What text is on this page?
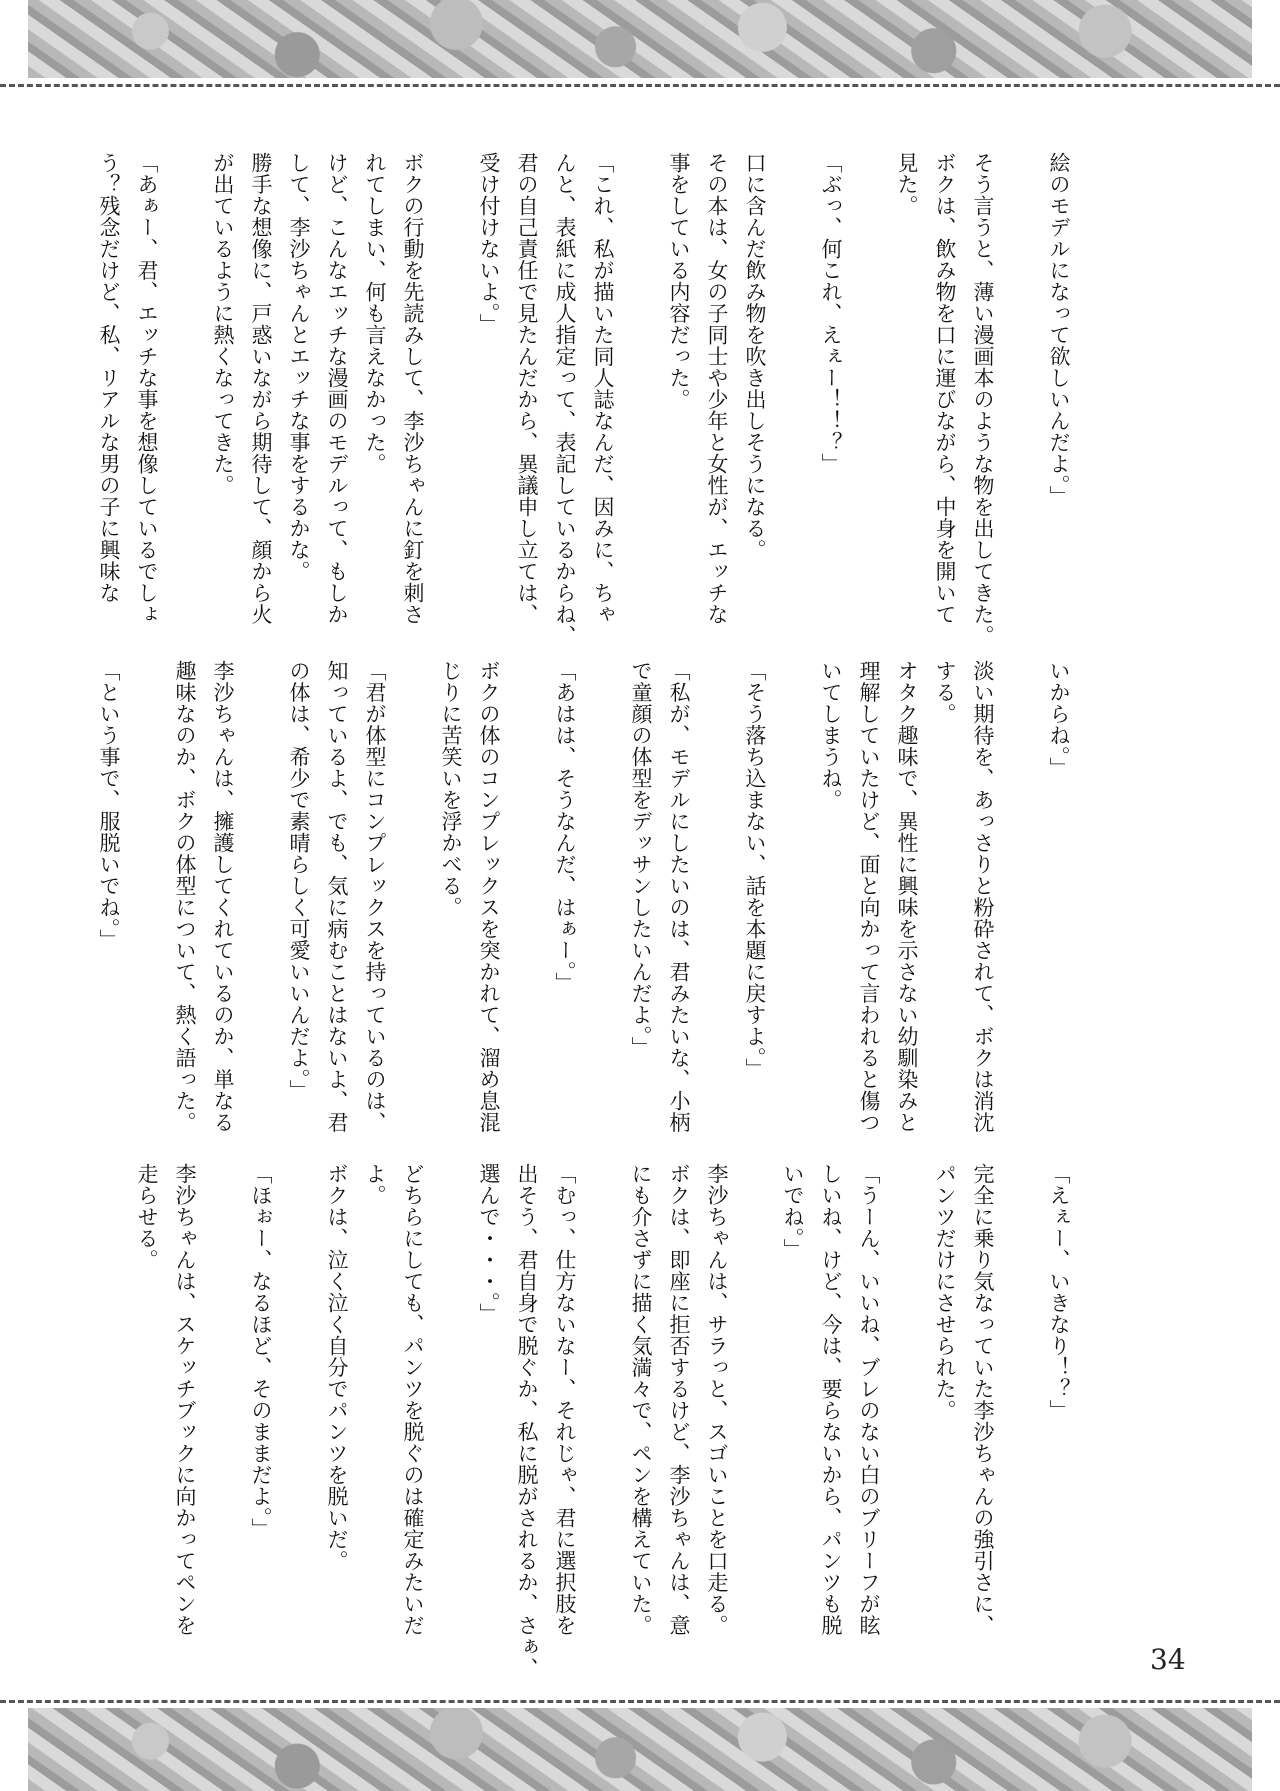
絵のモデルになって欲しいんだよ。」
そう言うと、薄い漫画本のような物を出してきた。
ボクは、飲み物を口に運びながら、中身を開いて
見た。
「ぶっ、何これ、えぇー！！？」
口に含んだ飲み物を吹き出しそうになる。
その本は、女の子同士や少年と女性が、エッチな
事をしている内容だった。
「これ、私が描いた同人誌なんだ、因みに、ちゃ
んと、表紙に成人指定って、表記しているからね、
君の自己責任で見たんだから、異議申し立ては、
受け付けないよ。」
ボクの行動を先読みして、李沙ちゃんに釘を刺さ
れてしまい、何も言えなかった。
けど、こんなエッチな漫画のモデルって、もしか
して、李沙ちゃんとエッチな事をするかな。
勝手な想像に、戸惑いながら期待して、顔から火
が出ているように熱くなってきた。
「あぁー、君、エッチな事を想像しているでしょ
う？残念だけど、私、リアルな男の子に興味な
いからね。」
淡い期待を、あっさりと粉砕されて、ボクは消沈
する。
オタク趣味で、異性に興味を示さない幼馴染みと
理解していたけど、面と向かって言われると傷つ
いてしまうね。
「そう落ち込まない、話を本題に戻すよ。」
「私が、モデルにしたいのは、君みたいな、小柄
で童顔の体型をデッサンしたいんだよ。」
「あはは、そうなんだ、はぁー。」
ボクの体のコンプレックスを突かれて、溜め息混
じりに苦笑いを浮かべる。
「君が体型にコンプレックスを持っているのは、
知っているよ、でも、気に病むことはないよ、君
の体は、希少で素晴らしく可愛いいんだよ。」
李沙ちゃんは、擁護してくれているのか、単なる
趣味なのか、ボクの体型について、熱く語った。
「という事で、服脱いでね。」
「えぇー、いきなり！？」
完全に乗り気なっていた李沙ちゃんの強引さに、
パンツだけにさせられた。
「うーん、いいね、ブレのない白のブリーフが眩
しいね、けど、今は、要らないから、パンツも脱
いでね。」
李沙ちゃんは、サラっと、スゴいことを口走る。
ボクは、即座に拒否するけど、李沙ちゃんは、意
にも介さずに描く気満々で、ペンを構えていた。
「むっ、仕方ないなー、それじゃ、君に選択肢を
出そう、君自身で脱ぐか、私に脱がされるか、さぁ、
選んで・・・。」
どちらにしても、パンツを脱ぐのは確定みたいだ
よ。
ボクは、泣く泣く自分でパンツを脱いだ。
「ほぉー、なるほど、そのままだよ。」
李沙ちゃんは、スケッチブックに向かってペンを
走らせる。
34
